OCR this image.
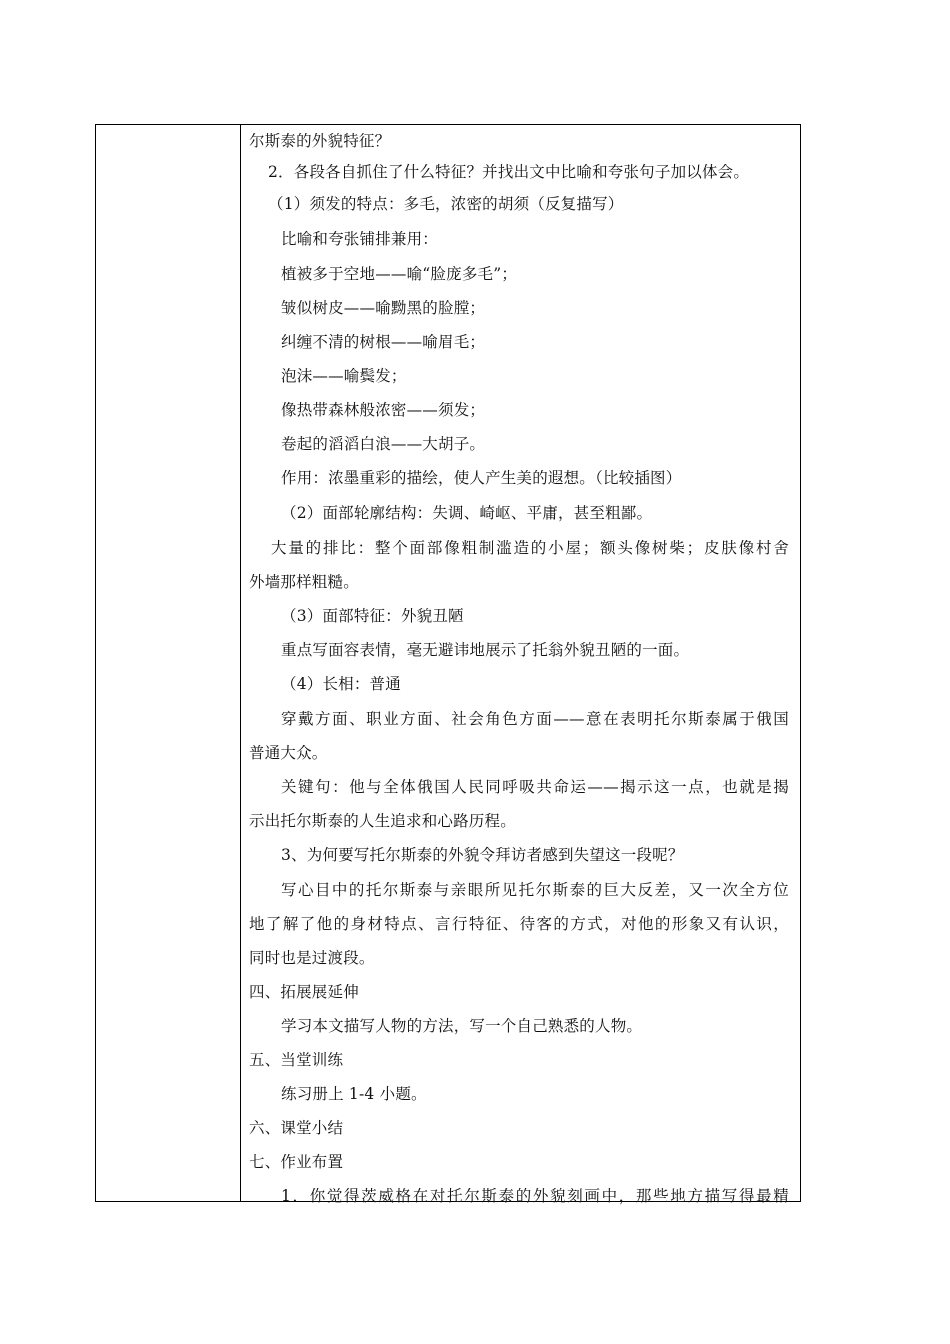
尔斯泰的外貌特征？
2．各段各自抓住了什么特征？并找出文中比喻和夸张句子加以体会。
（1）须发的特点：多毛，浓密的胡须（反复描写）
比喻和夸张铺排兼用：
植被多于空地——喻“脸庞多毛”；
皱似树皮——喻黝黑的脸膛；
纠缠不清的树根——喻眉毛；
泡沫——喻鬓发；
像热带森林般浓密——须发；
卷起的滔滔白浪——大胡子。
作用：浓墨重彩的描绘，使人产生美的遐想。（比较插图）
（2）面部轮廓结构：失调、崎岖、平庸，甚至粗鄙。
大量的排比：整个面部像粗制滥造的小屋；额头像树柴；皮肤像村舍
外墙那样粗糙。
（3）面部特征：外貌丑陋
重点写面容表情，毫无避讳地展示了托翁外貌丑陋的一面。
（4）长相：普通
穿戴方面、职业方面、社会角色方面——意在表明托尔斯泰属于俄国
普通大众。
关键句：他与全体俄国人民同呼吸共命运——揭示这一点，也就是揭
示出托尔斯泰的人生追求和心路历程。
3、为何要写托尔斯泰的外貌令拜访者感到失望这一段呢？
写心目中的托尔斯泰与亲眼所见托尔斯泰的巨大反差，又一次全方位
地了解了他的身材特点、言行特征、待客的方式，对他的形象又有认识，
同时也是过渡段。
四、拓展展延伸
学习本文描写人物的方法，写一个自己熟悉的人物。
五、当堂训练
练习册上 1-4 小题。
六、课堂小结
七、作业布置
1．你觉得茨威格在对托尔斯泰的外貌刻画中，那些地方描写得最精
